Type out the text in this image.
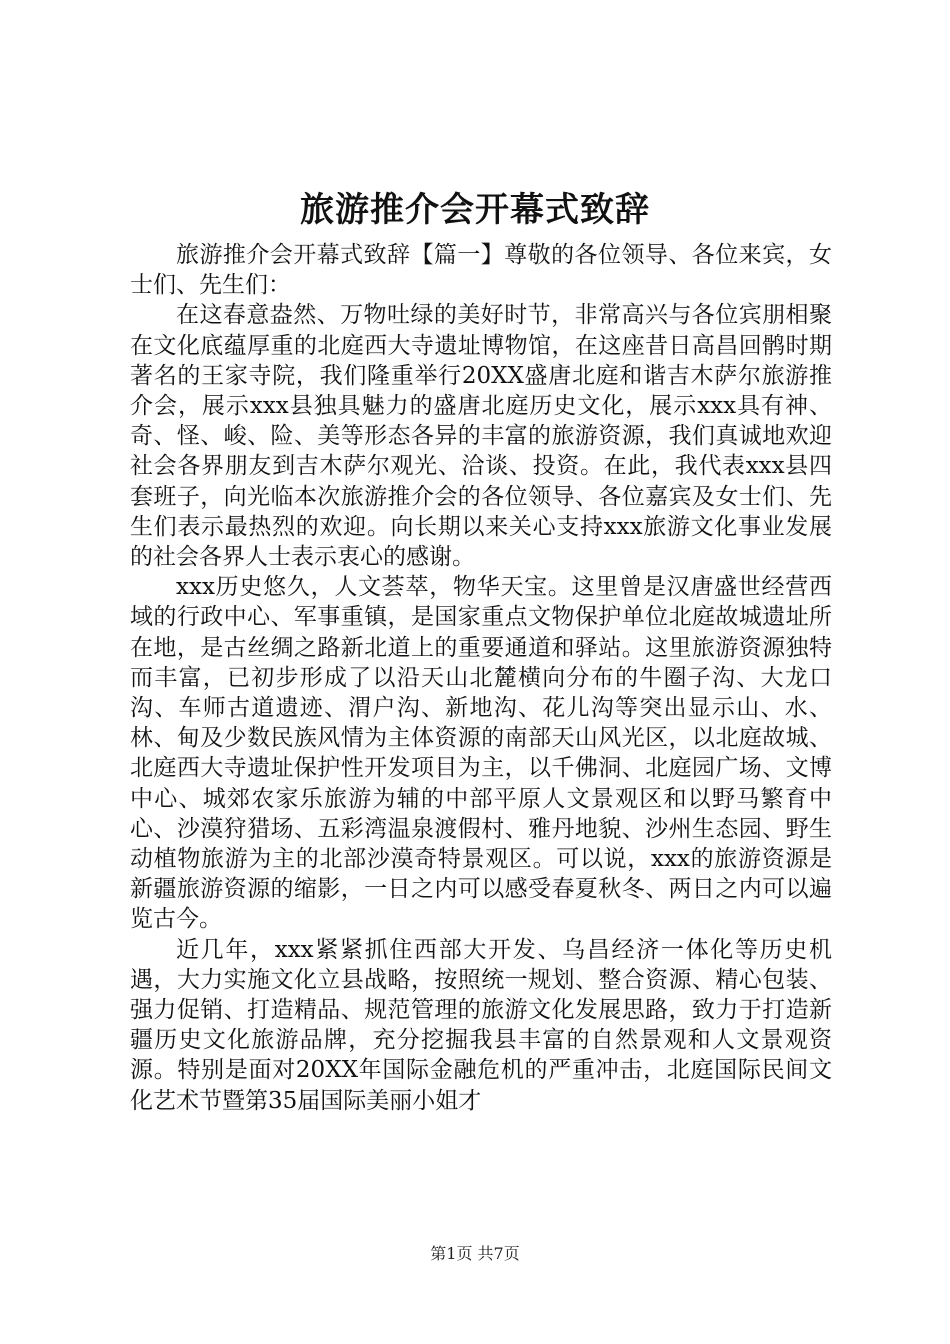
旅游推介会开幕式致辞

旅游推介会开幕式致辞【篇一】尊敬的各位领导、各位来宾，女士们、先生们：

在这春意盎然、万物吐绿的美好时节，非常高兴与各位宾朋相聚在文化底蕴厚重的北庭西大寺遗址博物馆，在这座昔日高昌回鹘时期著名的王家寺院，我们隆重举行20XX盛唐北庭和谐吉木萨尔旅游推介会，展示xxx县独具魅力的盛唐北庭历史文化，展示xxx具有神、奇、怪、峻、险、美等形态各异的丰富的旅游资源，我们真诚地欢迎社会各界朋友到吉木萨尔观光、洽谈、投资。在此，我代表xxx县四套班子，向光临本次旅游推介会的各位领导、各位嘉宾及女士们、先生们表示最热烈的欢迎。向长期以来关心支持xxx旅游文化事业发展的社会各界人士表示衷心的感谢。

xxx历史悠久，人文荟萃，物华天宝。这里曾是汉唐盛世经营西域的行政中心、军事重镇，是国家重点文物保护单位北庭故城遗址所在地，是古丝绸之路新北道上的重要通道和驿站。这里旅游资源独特而丰富，已初步形成了以沿天山北麓横向分布的牛圈子沟、大龙口沟、车师古道遗迹、渭户沟、新地沟、花儿沟等突出显示山、水、林、甸及少数民族风情为主体资源的南部天山风光区，以北庭故城、北庭西大寺遗址保护性开发项目为主，以千佛洞、北庭园广场、文博中心、城郊农家乐旅游为辅的中部平原人文景观区和以野马繁育中心、沙漠狩猎场、五彩湾温泉渡假村、雅丹地貌、沙州生态园、野生动植物旅游为主的北部沙漠奇特景观区。可以说，xxx的旅游资源是新疆旅游资源的缩影，一日之内可以感受春夏秋冬、两日之内可以遍览古今。

近几年，xxx紧紧抓住西部大开发、乌昌经济一体化等历史机遇，大力实施文化立县战略，按照统一规划、整合资源、精心包装、强力促销、打造精品、规范管理的旅游文化发展思路，致力于打造新疆历史文化旅游品牌，充分挖掘我县丰富的自然景观和人文景观资源。特别是面对20XX年国际金融危机的严重冲击，北庭国际民间文化艺术节暨第35届国际美丽小姐才

第1页 共7页
